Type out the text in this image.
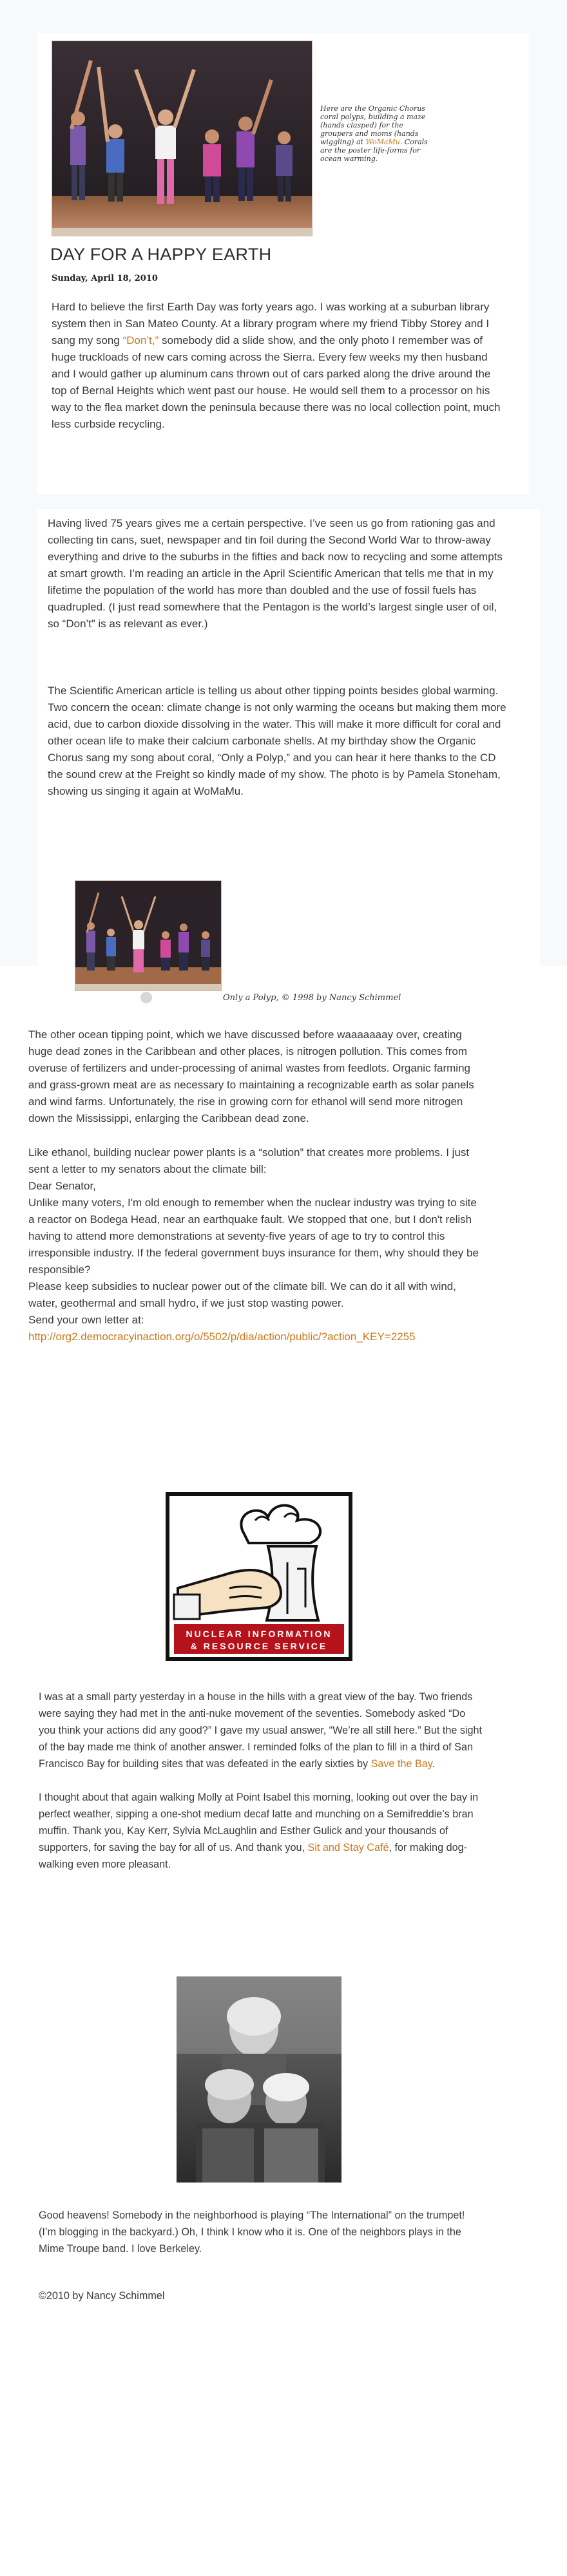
Here are the Organic Chorus coral polyps, building a maze (hands clasped) for the groupers and moms (hands wiggling) at WoMaMu. Corals are the poster life-forms for ocean warming.
DAY FOR A HAPPY EARTH
Sunday, April 18, 2010
Hard to believe the first Earth Day was forty years ago. I was working at a suburban library system then in San Mateo County. At a library program where my friend Tibby Storey and I sang my song “Don’t,” somebody did a slide show, and the only photo I remember was of huge truckloads of new cars coming across the Sierra. Every few weeks my then husband and I would gather up aluminum cans thrown out of cars parked along the drive around the top of Bernal Heights which went past our house. He would sell them to a processor on his way to the flea market down the peninsula because there was no local collection point, much less curbside recycling.
Having lived 75 years gives me a certain perspective. I’ve seen us go from rationing gas and collecting tin cans, suet, newspaper and tin foil during the Second World War to throw-away everything and drive to the suburbs in the fifties and back now to recycling and some attempts at smart growth. I’m reading an article in the April Scientific American that tells me that in my lifetime the population of the world has more than doubled and the use of fossil fuels has quadrupled. (I just read somewhere that the Pentagon is the world’s largest single user of oil, so “Don’t” is as relevant as ever.)
The Scientific American article is telling us about other tipping points besides global warming. Two concern the ocean: climate change is not only warming the oceans but making them more acid, due to carbon dioxide dissolving in the water. This will make it more difficult for coral and other ocean life to make their calcium carbonate shells. At my birthday show the Organic Chorus sang my song about coral, “Only a Polyp,” and you can hear it here thanks to the CD the sound crew at the Freight so kindly made of my show. The photo is by Pamela Stoneham, showing us singing it again at WoMaMu.
Only a Polyp, © 1998 by Nancy Schimmel
The other ocean tipping point, which we have discussed before waaaaaaay over, creating huge dead zones in the Caribbean and other places, is nitrogen pollution. This comes from overuse of fertilizers and under-processing of animal wastes from feedlots. Organic farming and grass-grown meat are as necessary to maintaining a recognizable earth as solar panels and wind farms. Unfortunately, the rise in growing corn for ethanol will send more nitrogen down the Mississippi, enlarging the Caribbean dead zone.
Like ethanol, building nuclear power plants is a “solution” that creates more problems. I just sent a letter to my senators about the climate bill:
Dear Senator,
Unlike many voters, I'm old enough to remember when the nuclear industry was trying to site a reactor on Bodega Head, near an earthquake fault. We stopped that one, but I don't relish having to attend more demonstrations at seventy-five years of age to try to control this irresponsible industry. If the federal government buys insurance for them, why should they be responsible?
Please keep subsidies to nuclear power out of the climate bill. We can do it all with wind, water, geothermal and small hydro, if we just stop wasting power.
Send your own letter at:
http://org2.democracyinaction.org/o/5502/p/dia/action/public/?action_KEY=2255
NUCLEAR INFORMATION
& RESOURCE SERVICE
I was at a small party yesterday in a house in the hills with a great view of the bay. Two friends were saying they had met in the anti-nuke movement of the seventies. Somebody asked “Do you think your actions did any good?” I gave my usual answer, “We’re all still here.” But the sight of the bay made me think of another answer. I reminded folks of the plan to fill in a third of San Francisco Bay for building sites that was defeated in the early sixties by Save the Bay.
I thought about that again walking Molly at Point Isabel this morning, looking out over the bay in perfect weather, sipping a one-shot medium decaf latte and munching on a Semifreddie’s bran muffin. Thank you, Kay Kerr, Sylvia McLaughlin and Esther Gulick and your thousands of supporters, for saving the bay for all of us. And thank you, Sit and Stay Café, for making dog-walking even more pleasant.
Good heavens! Somebody in the neighborhood is playing “The International” on the trumpet! (I’m blogging in the backyard.) Oh, I think I know who it is. One of the neighbors plays in the Mime Troupe band. I love Berkeley.
©2010 by Nancy Schimmel
